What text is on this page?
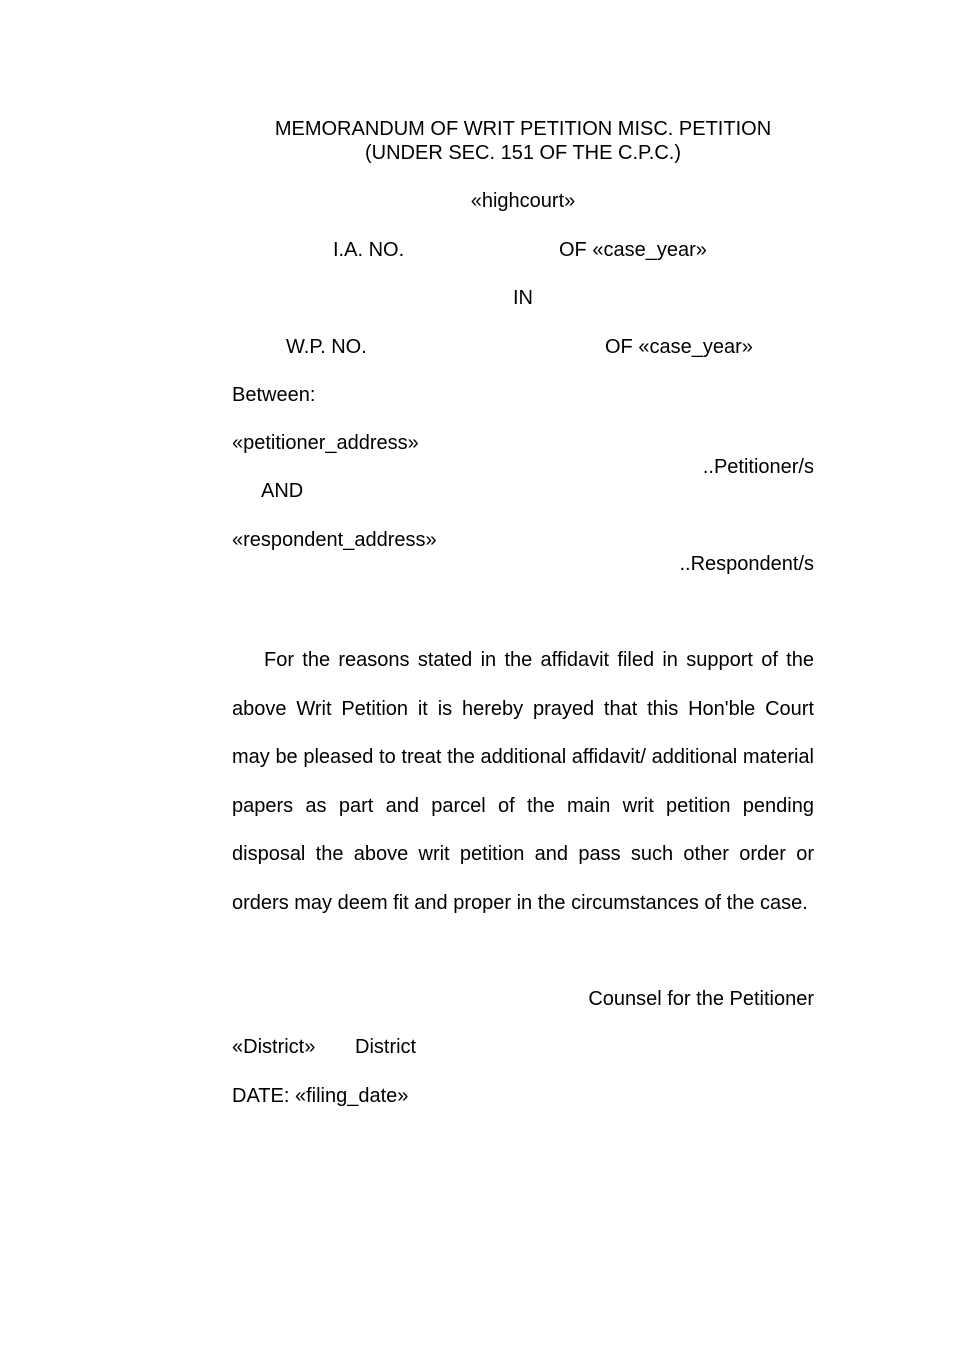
MEMORANDUM OF WRIT PETITION MISC. PETITION
(UNDER SEC. 151 OF THE C.P.C.)
«highcourt»
I.A. NO.	OF «case_year»
IN
W.P. NO.	OF «case_year»
Between:
«petitioner_address»
..Petitioner/s
AND
«respondent_address»
..Respondent/s
For the reasons stated in the affidavit filed in support of the above Writ Petition it is hereby prayed that this Hon'ble Court may be pleased to treat the additional affidavit/ additional material papers as part and parcel of the main writ petition pending disposal the above writ petition and pass such other order or orders may deem fit and proper in the circumstances of the case.
Counsel for the Petitioner
«District» District
DATE: «filing_date»
